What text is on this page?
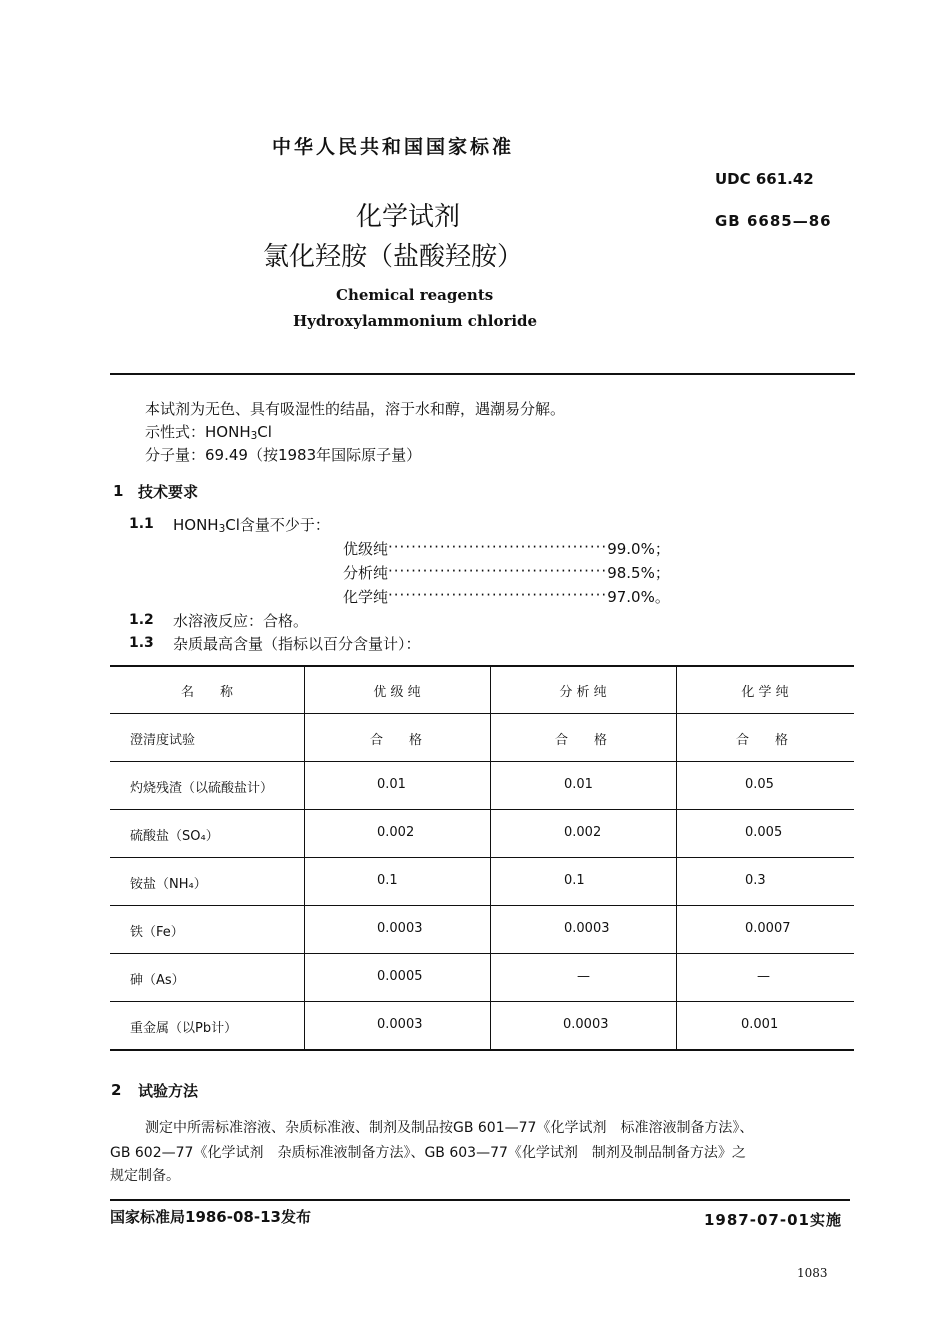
中华人民共和国国家标准
UDC 661.42
GB 6685—86
化学试剂
氯化羟胺（盐酸羟胺）
Chemical reagents
Hydroxylammonium chloride
本试剂为无色、具有吸湿性的结晶，溶于水和醇，遇潮易分解。
示性式：$HONH_3Cl$
分子量：69.49（按1983年国际原子量）
1 技术要求
1.1 $HONH_3Cl$含量不少于：
优级纯 ······································ 99.0%；
分析纯 ······································ 98.5%；
化学纯 ······································ 97.0%。
1.2 水溶液反应：合格。
1.3 杂质最高含量（指标以百分含量计）：
名　　称	优 级 纯	分 析 纯	化 学 纯
澄清度试验	合　　格	合　　格	合　　格
灼烧残渣（以硫酸盐计）	0.01	0.01	0.05
硫酸盐（SO₄）	0.002	0.002	0.005
铵盐（NH₄）	0.1	0.1	0.3
铁（Fe）	0.0003	0.0003	0.0007
砷（As）	0.0005	—	—
重金属（以Pb计）	0.0003	0.0003	0.001
2 试验方法
测定中所需标准溶液、杂质标准液、制剂及制品按GB 601—77《化学试剂　标准溶液制备方法》、
GB 602—77《化学试剂　杂质标准液制备方法》、GB 603—77《化学试剂　制剂及制品制备方法》之
规定制备。
国家标准局1986-08-13发布	1987-07-01实施
1083
